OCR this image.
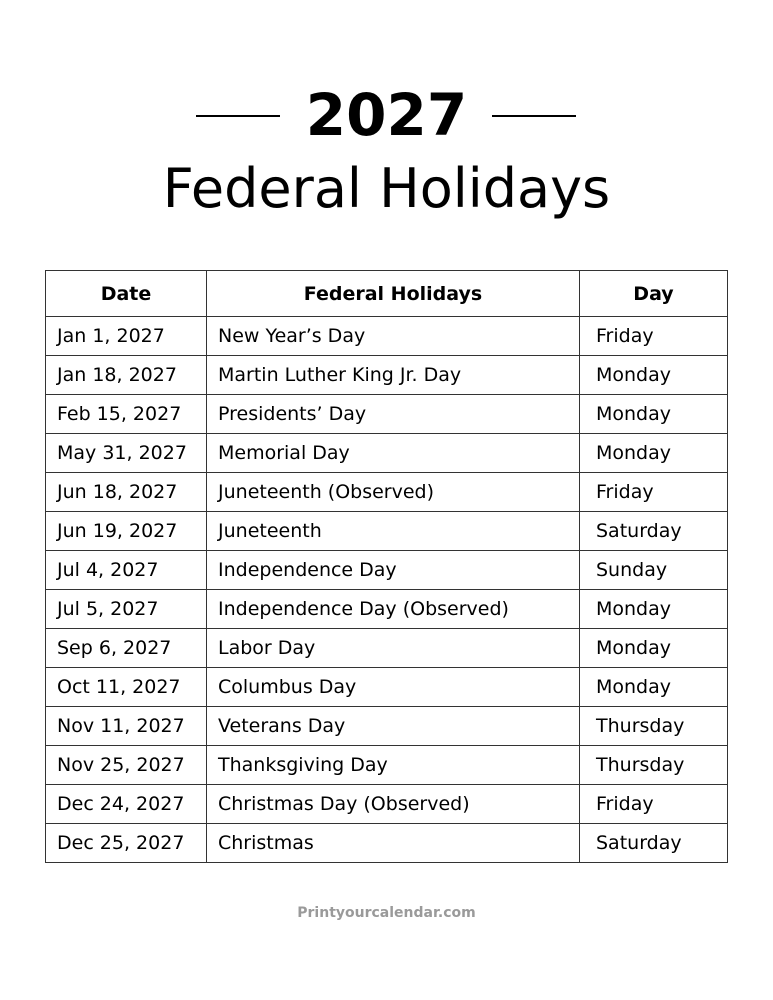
2027
Federal Holidays
Date	Federal Holidays	Day
Jan 1, 2027	New Year’s Day	Friday
Jan 18, 2027	Martin Luther King Jr. Day	Monday
Feb 15, 2027	Presidents’ Day	Monday
May 31, 2027	Memorial Day	Monday
Jun 18, 2027	Juneteenth (Observed)	Friday
Jun 19, 2027	Juneteenth	Saturday
Jul 4, 2027	Independence Day	Sunday
Jul 5, 2027	Independence Day (Observed)	Monday
Sep 6, 2027	Labor Day	Monday
Oct 11, 2027	Columbus Day	Monday
Nov 11, 2027	Veterans Day	Thursday
Nov 25, 2027	Thanksgiving Day	Thursday
Dec 24, 2027	Christmas Day (Observed)	Friday
Dec 25, 2027	Christmas	Saturday
Printyourcalendar.com
